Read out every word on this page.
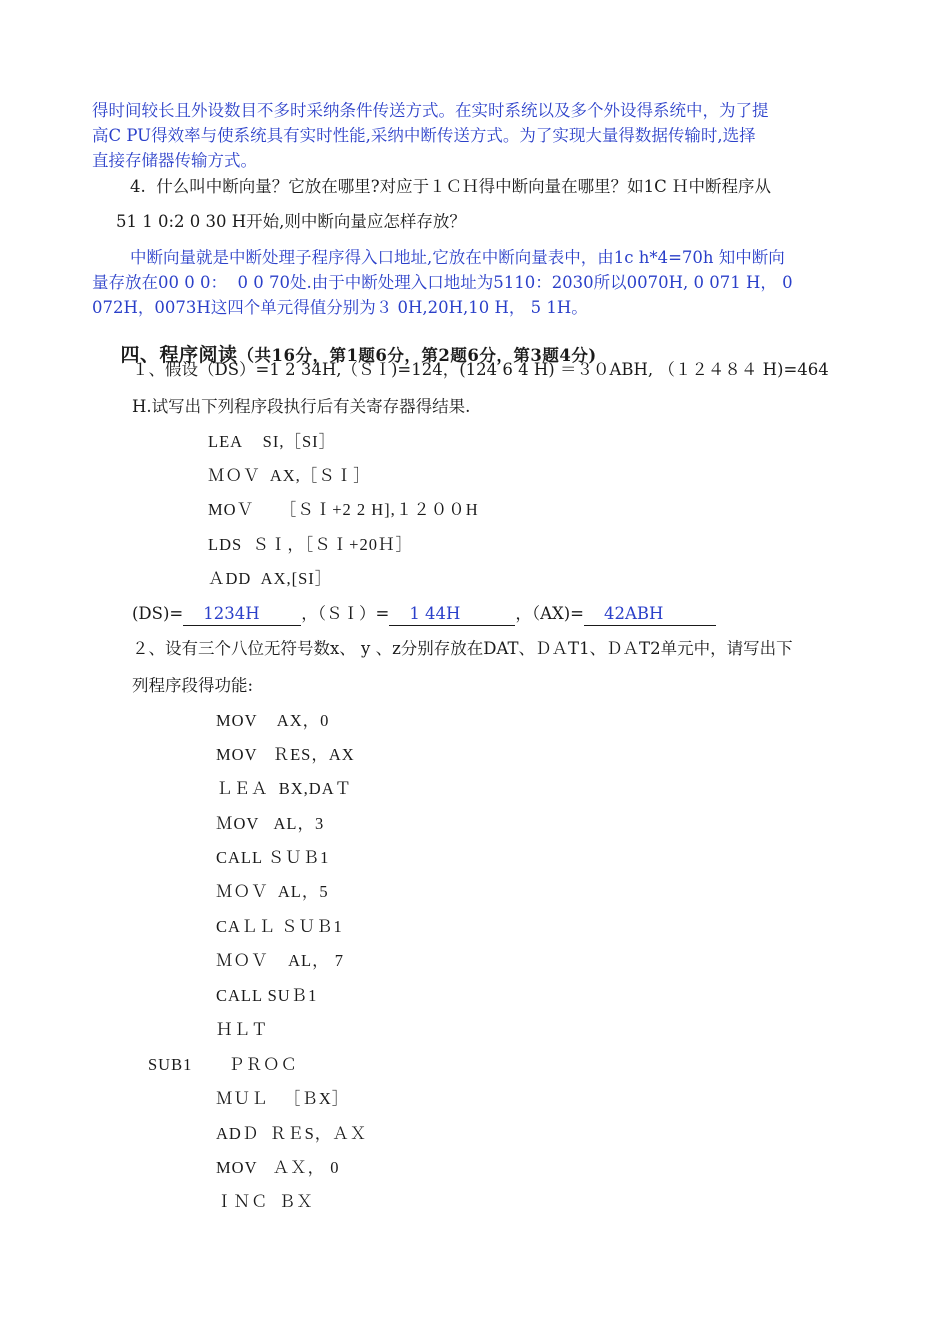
得时间较长且外设数目不多时采纳条件传送方式。在实时系统以及多个外设得系统中，为了提
高C PU得效率与使系统具有实时性能,采纳中断传送方式。为了实现大量得数据传输时,选择
直接存储器传输方式。
4.  什么叫中断向量？它放在哪里?对应于１ＣＨ得中断向量在哪里？如1C Ｈ中断程序从
51 1 0:2 0 30 H开始,则中断向量应怎样存放？
中断向量就是中断处理子程序得入口地址,它放在中断向量表中，由1c h*4=70h 知中断向
量存放在00 0 0：  0 0 70处.由于中断处理入口地址为5110：2030所以0070H, 0 071 H， 0
072H，0073H这四个单元得值分别为３ 0H,20H,10 H， 5 1H。

四、程序阅读（共16分，第1题6分，第2题6分，第3题4分)

１、假设（DS）=1 2 34H,（ＳＩ)=124，(124 6 4 H) ＝３０ABH, （１２４８４ H)=464
H.试写出下列程序段执行后有关寄存器得结果.
LEA    SI,［SI］
ＭＯＶ  AX,［ＳＩ］
MOＶ     ［ＳＩ+2 2 H],１２００H
LDS  ＳＩ，［ＳＩ+20Ｈ］
ＡDD  AX,[SI］
(DS)= 1234H	，（ＳＩ）= 1 44H	，（AX)= 42ABH
２、设有三个八位无符号数x、 y 、z分别存放在DAT、ＤＡT1、ＤＡT2单元中，请写出下
列程序段得功能:
MOV    AX，0
MOV   ＲES，AX
ＬＥＡ  BX,DAＴ
ＭOV   AL，3
CALL ＳＵＢ1
ＭＯＶ  AL，5
CAＬＬ ＳＵＢ1
ＭＯＶ    AL， 7
CALL SUＢ1
ＨＬＴ
SUB1 ＰＲＯＣ
ＭＵＬ   ［ＢX］
ADＤ  ＲＥS，ＡＸ
MOV   ＡＸ， 0
ＩＮＣ  ＢＸ
